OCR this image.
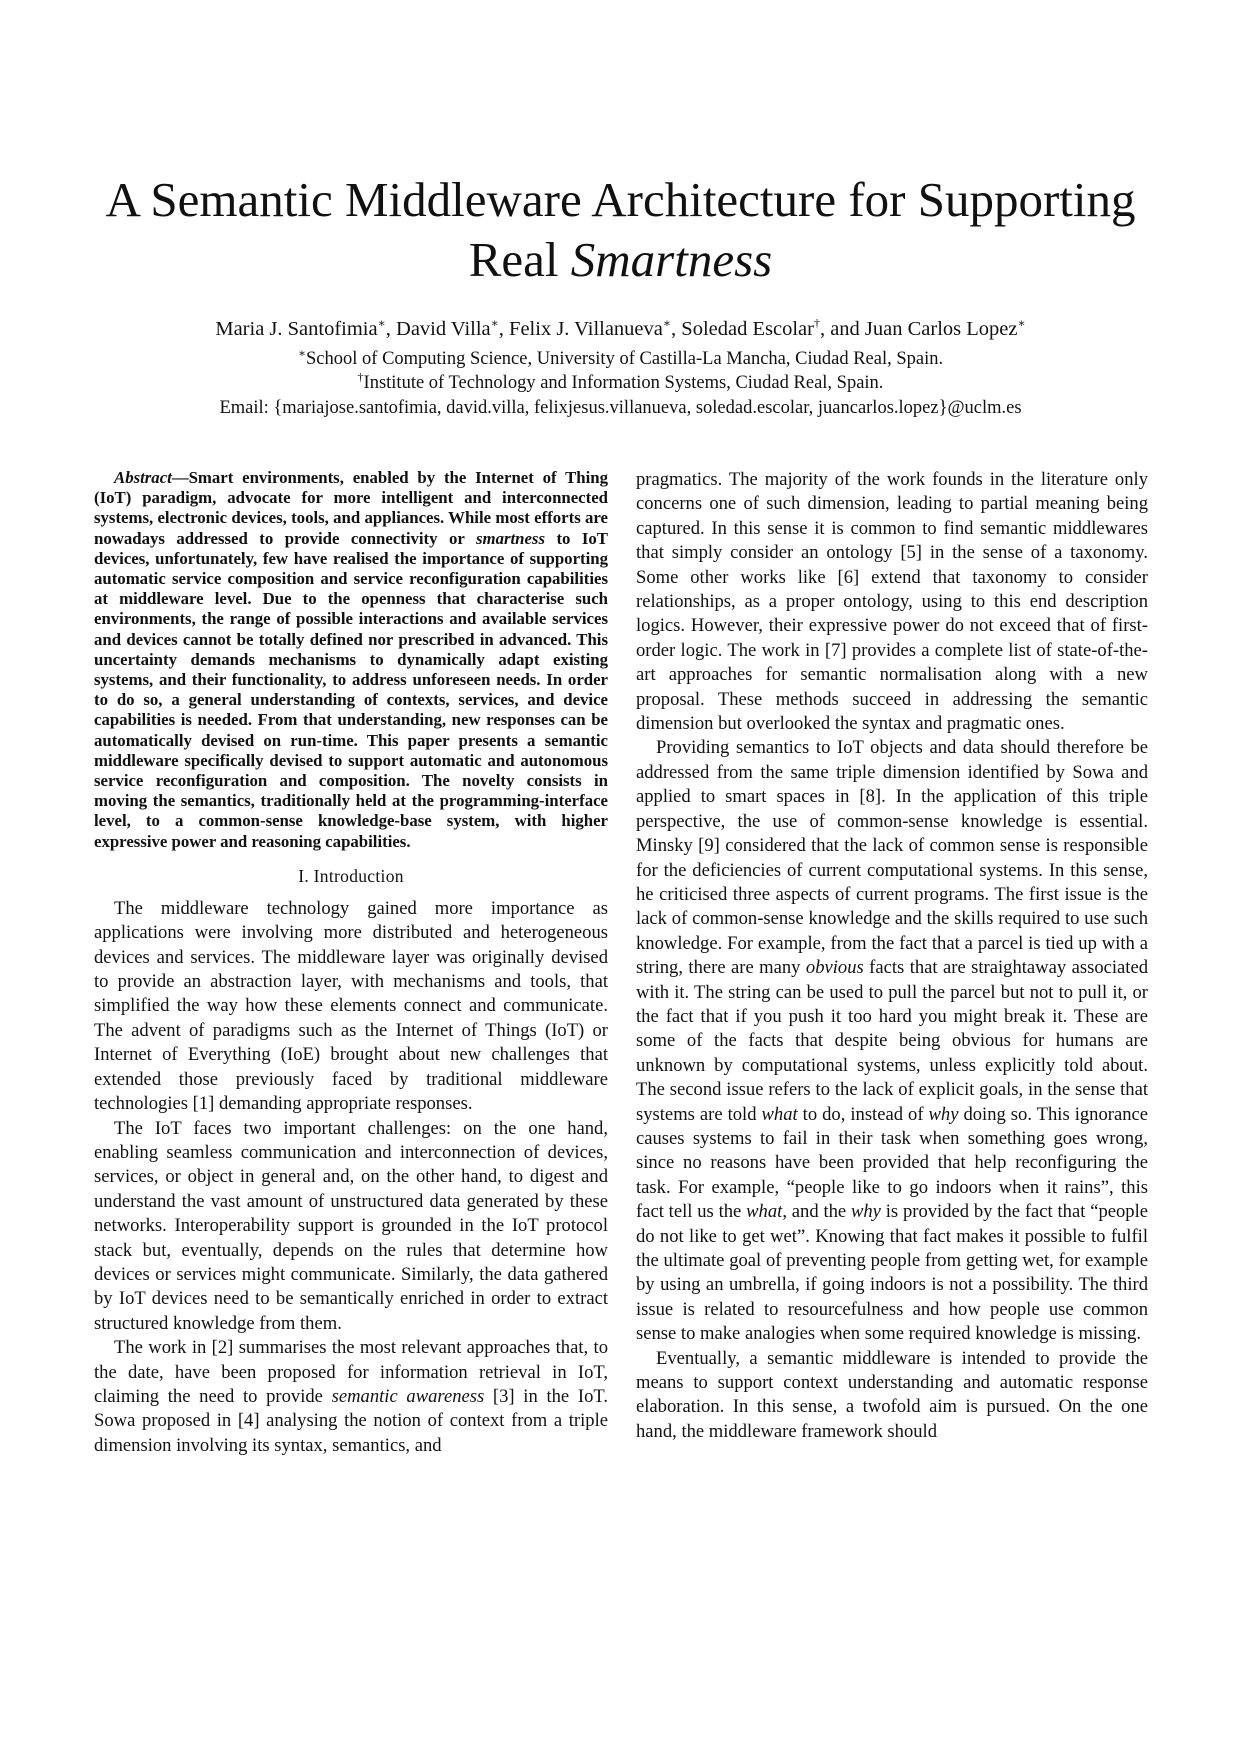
A Semantic Middleware Architecture for Supporting
Real Smartness
Maria J. Santofimia∗, David Villa∗, Felix J. Villanueva∗, Soledad Escolar†, and Juan Carlos Lopez∗
∗School of Computing Science, University of Castilla-La Mancha, Ciudad Real, Spain.
†Institute of Technology and Information Systems, Ciudad Real, Spain.
Email: {mariajose.santofimia, david.villa, felixjesus.villanueva, soledad.escolar, juancarlos.lopez}@uclm.es

Abstract—Smart environments, enabled by the Internet of Thing (IoT) paradigm, advocate for more intelligent and interconnected systems, electronic devices, tools, and appliances. While most efforts are nowadays addressed to provide connectivity or smartness to IoT devices, unfortunately, few have realised the importance of supporting automatic service composition and service reconfiguration capabilities at middleware level. Due to the openness that characterise such environments, the range of possible interactions and available services and devices cannot be totally defined nor prescribed in advanced. This uncertainty demands mechanisms to dynamically adapt existing systems, and their functionality, to address unforeseen needs. In order to do so, a general understanding of contexts, services, and device capabilities is needed. From that understanding, new responses can be automatically devised on run-time. This paper presents a semantic middleware specifically devised to support automatic and autonomous service reconfiguration and composition. The novelty consists in moving the semantics, traditionally held at the programming-interface level, to a common-sense knowledge-base system, with higher expressive power and reasoning capabilities.

I. Introduction

The middleware technology gained more importance as applications were involving more distributed and heterogeneous devices and services. The middleware layer was originally devised to provide an abstraction layer, with mechanisms and tools, that simplified the way how these elements connect and communicate. The advent of paradigms such as the Internet of Things (IoT) or Internet of Everything (IoE) brought about new challenges that extended those previously faced by traditional middleware technologies [1] demanding appropriate responses.

The IoT faces two important challenges: on the one hand, enabling seamless communication and interconnection of devices, services, or object in general and, on the other hand, to digest and understand the vast amount of unstructured data generated by these networks. Interoperability support is grounded in the IoT protocol stack but, eventually, depends on the rules that determine how devices or services might communicate. Similarly, the data gathered by IoT devices need to be semantically enriched in order to extract structured knowledge from them.

The work in [2] summarises the most relevant approaches that, to the date, have been proposed for information retrieval in IoT, claiming the need to provide semantic awareness [3] in the IoT. Sowa proposed in [4] analysing the notion of context from a triple dimension involving its syntax, semantics, and

pragmatics. The majority of the work founds in the literature only concerns one of such dimension, leading to partial meaning being captured. In this sense it is common to find semantic middlewares that simply consider an ontology [5] in the sense of a taxonomy. Some other works like [6] extend that taxonomy to consider relationships, as a proper ontology, using to this end description logics. However, their expressive power do not exceed that of first-order logic. The work in [7] provides a complete list of state-of-the-art approaches for semantic normalisation along with a new proposal. These methods succeed in addressing the semantic dimension but overlooked the syntax and pragmatic ones.

Providing semantics to IoT objects and data should therefore be addressed from the same triple dimension identified by Sowa and applied to smart spaces in [8]. In the application of this triple perspective, the use of common-sense knowledge is essential. Minsky [9] considered that the lack of common sense is responsible for the deficiencies of current computational systems. In this sense, he criticised three aspects of current programs. The first issue is the lack of common-sense knowledge and the skills required to use such knowledge. For example, from the fact that a parcel is tied up with a string, there are many obvious facts that are straightaway associated with it. The string can be used to pull the parcel but not to pull it, or the fact that if you push it too hard you might break it. These are some of the facts that despite being obvious for humans are unknown by computational systems, unless explicitly told about. The second issue refers to the lack of explicit goals, in the sense that systems are told what to do, instead of why doing so. This ignorance causes systems to fail in their task when something goes wrong, since no reasons have been provided that help reconfiguring the task. For example, “people like to go indoors when it rains”, this fact tell us the what, and the why is provided by the fact that “people do not like to get wet”. Knowing that fact makes it possible to fulfil the ultimate goal of preventing people from getting wet, for example by using an umbrella, if going indoors is not a possibility. The third issue is related to resourcefulness and how people use common sense to make analogies when some required knowledge is missing.

Eventually, a semantic middleware is intended to provide the means to support context understanding and automatic response elaboration. In this sense, a twofold aim is pursued. On the one hand, the middleware framework should
